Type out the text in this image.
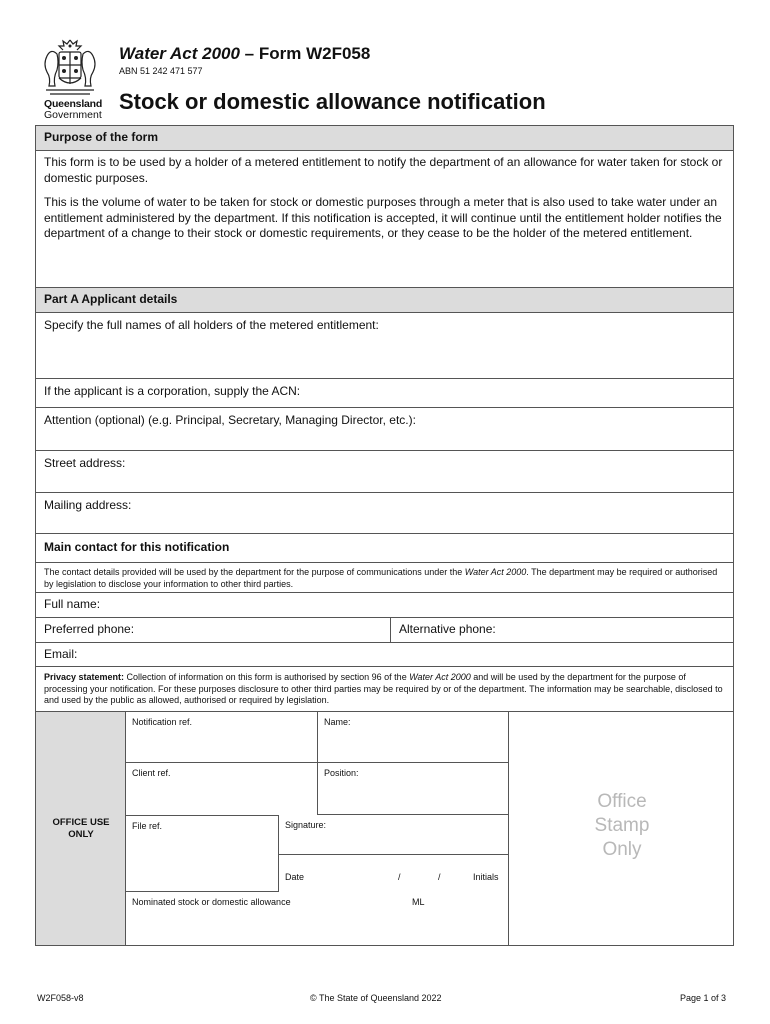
Queensland
Government
Water Act 2000 – Form W2F058
ABN 51 242 471 577
Stock or domestic allowance notification
Purpose of the form

This form is to be used by a holder of a metered entitlement to notify the department of an allowance for water taken for stock or domestic purposes.

This is the volume of water to be taken for stock or domestic purposes through a meter that is also used to take water under an entitlement administered by the department. If this notification is accepted, it will continue until the entitlement holder notifies the department of a change to their stock or domestic requirements, or they cease to be the holder of the metered entitlement.

Part A Applicant details
Specify the full names of all holders of the metered entitlement:
If the applicant is a corporation, supply the ACN:
Attention (optional) (e.g. Principal, Secretary, Managing Director, etc.):
Street address:
Mailing address:
Main contact for this notification
The contact details provided will be used by the department for the purpose of communications under the Water Act 2000. The department may be required or authorised by legislation to disclose your information to other third parties.
Full name:
Preferred phone:	Alternative phone:
Email:
Privacy statement: Collection of information on this form is authorised by section 96 of the Water Act 2000 and will be used by the department for the purpose of processing your notification. For these purposes disclosure to other third parties may be required by or of the department. The information may be searchable, disclosed to and used by the public as allowed, authorised or required by legislation.
OFFICE USE
ONLY
Notification ref.	Name:
Client ref.	Position:
File ref.	Signature:
Date	/	/	Initials
Nominated stock or domestic allowance	ML
Office
Stamp
Only
W2F058-v8	© The State of Queensland 2022	Page 1 of 3
